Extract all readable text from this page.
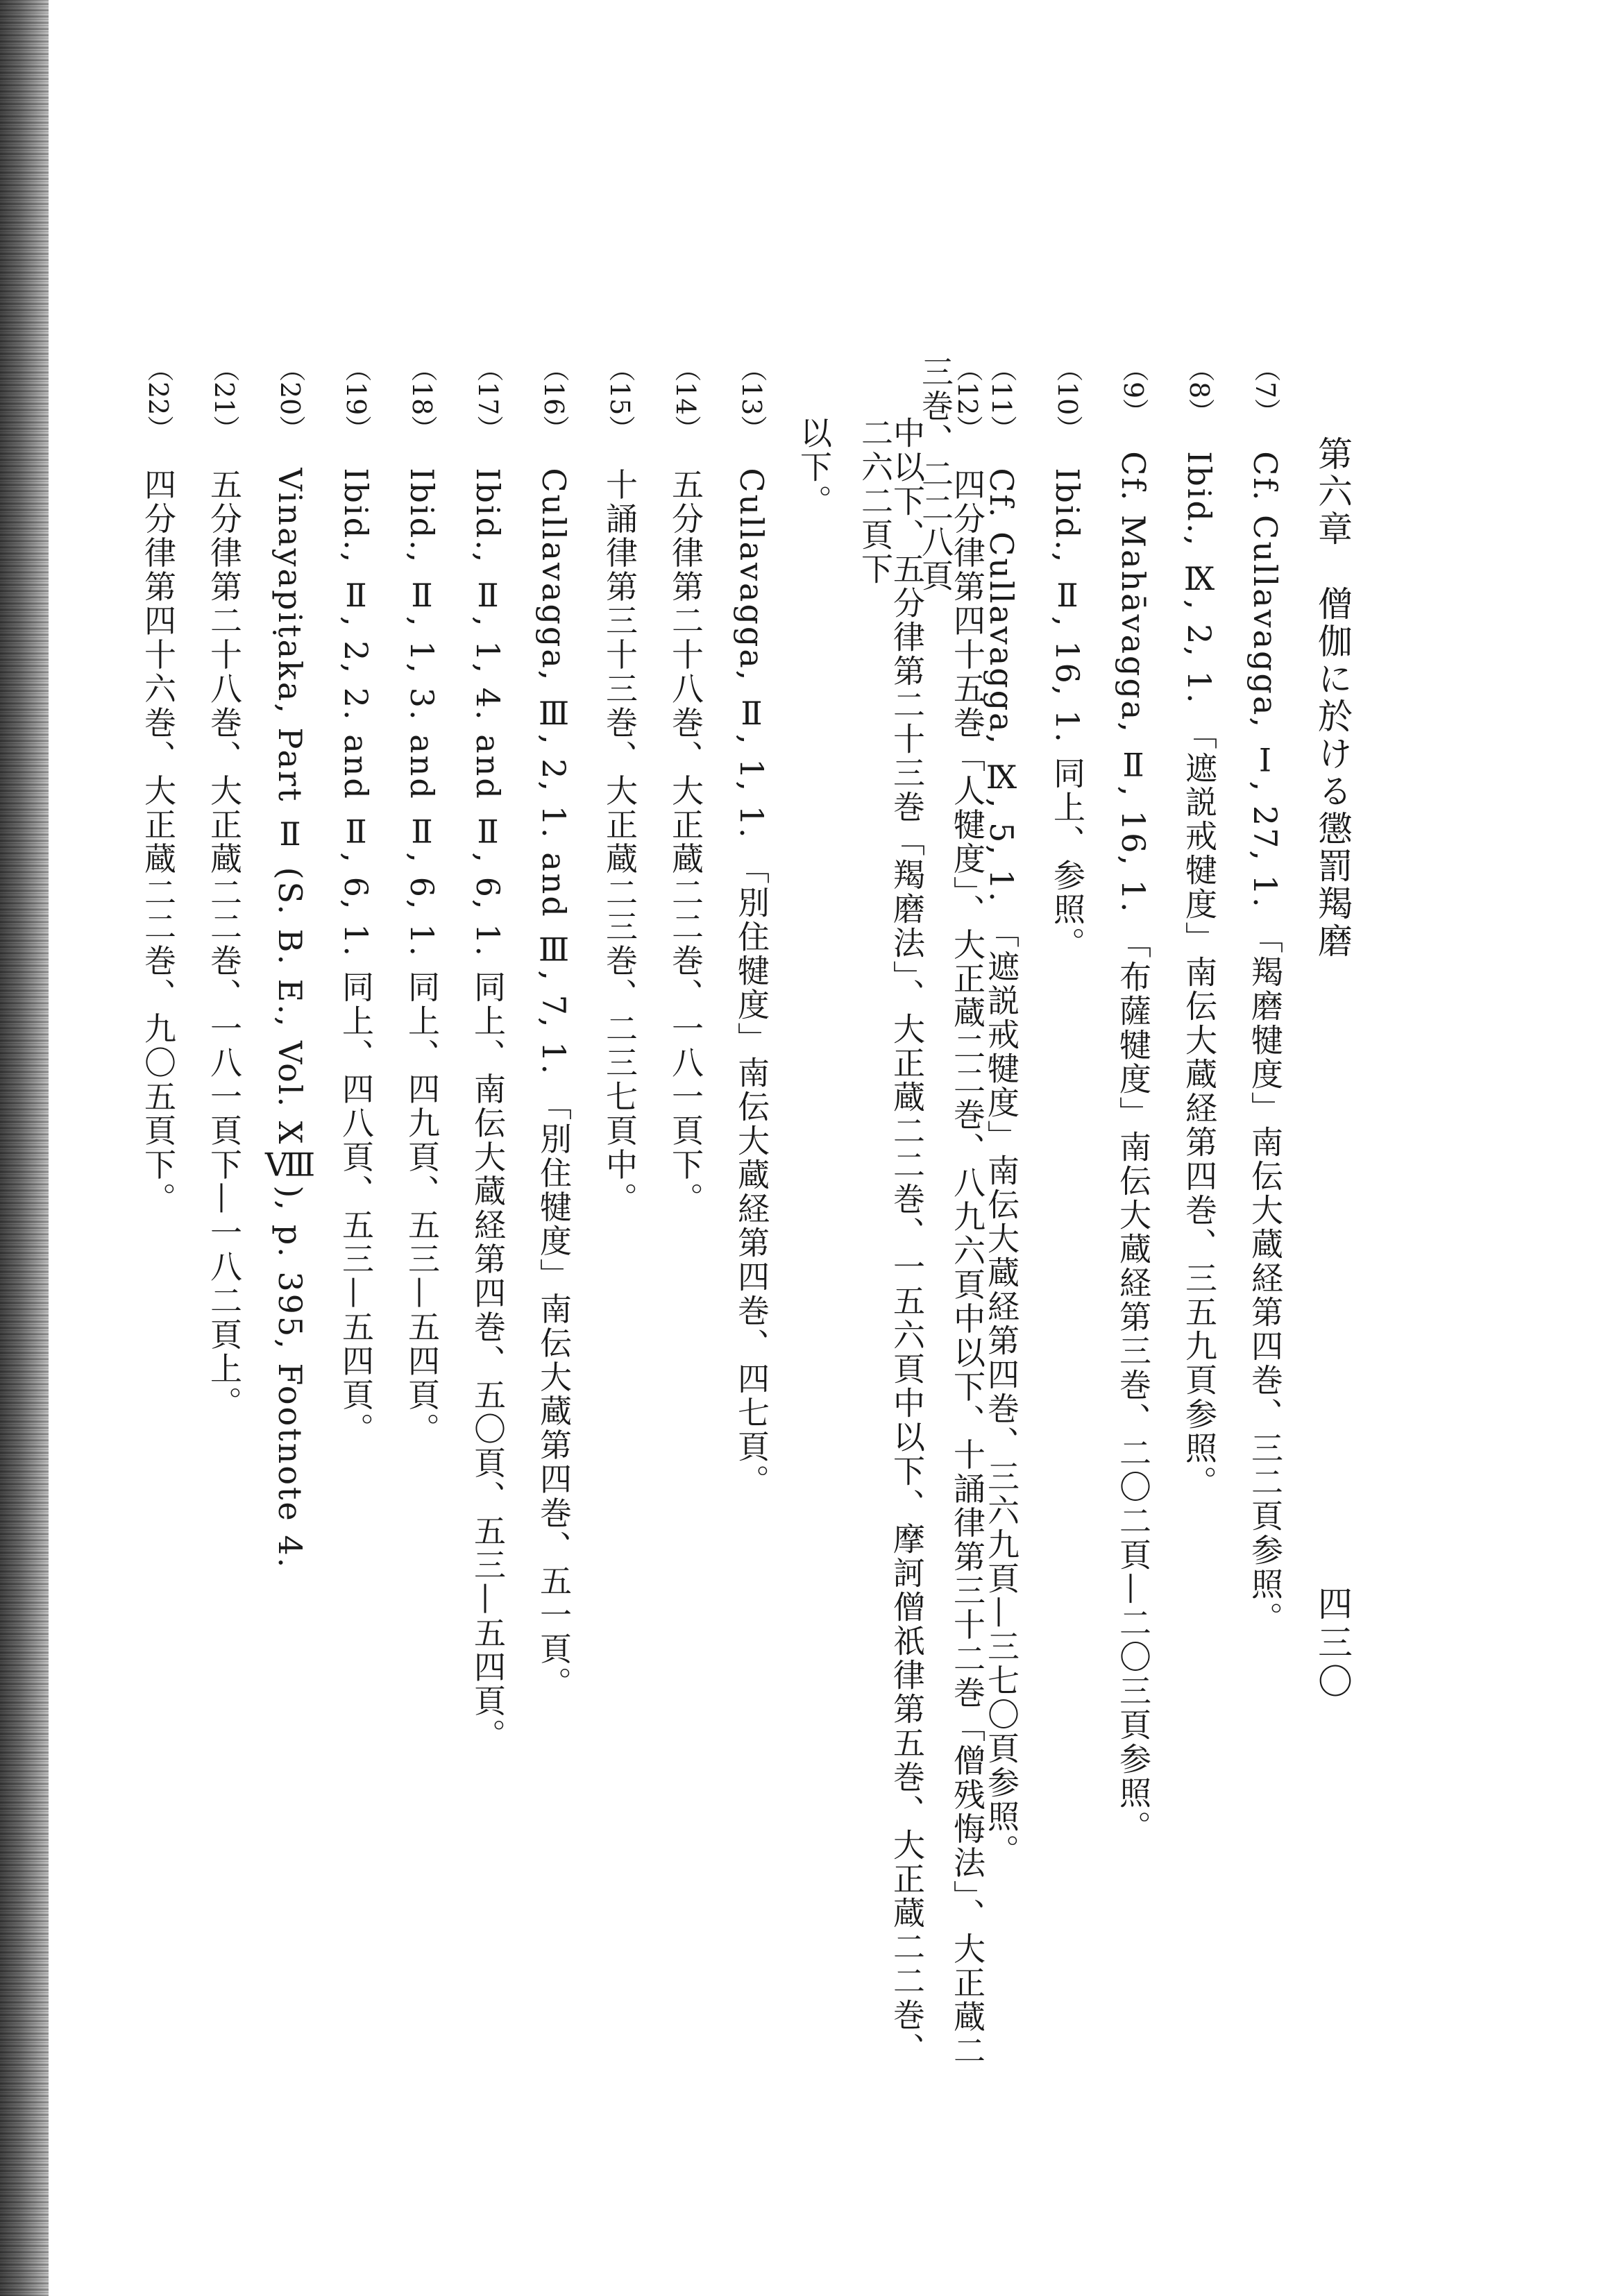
第六章　僧伽に於ける懲罰羯磨
四三〇
（7）Cf. Cullavagga, Ⅰ, 27, 1. 「羯磨犍度」南伝大蔵経第四巻、三二頁参照。
（8）Ibid., Ⅸ, 2, 1. 「遮説戒犍度」南伝大蔵経第四巻、三五九頁参照。
（9）Cf. Mahāvagga, Ⅱ, 16, 1. 「布薩犍度」南伝大蔵経第三巻、二〇二頁—二〇三頁参照。
（10）Ibid., Ⅱ, 16, 1. 同上、参照。
（11）Cf. Cullavagga, Ⅸ, 5, 1. 「遮説戒犍度」南伝大蔵経第四巻、三六九頁—三七〇頁参照。
（12）四分律第四十五巻「人犍度」、大正蔵二二巻、八九六頁中以下、十誦律第三十二巻「僧残悔法」、大正蔵二三巻、二二八頁
中以下、五分律第二十三巻「羯磨法」、大正蔵二二巻、一五六頁中以下、摩訶僧祇律第五巻、大正蔵二二巻、二六二頁下
以下。
（13）Cullavagga, Ⅱ, 1, 1. 「別住犍度」南伝大蔵経第四巻、四七頁。
（14）五分律第二十八巻、大正蔵二二巻、一八一頁下。
（15）十誦律第三十三巻、大正蔵二三巻、二三七頁中。
（16）Cullavagga, Ⅲ, 2, 1. and Ⅲ, 7, 1. 「別住犍度」南伝大蔵第四巻、五一頁。
（17）Ibid., Ⅱ, 1, 4. and Ⅱ, 6, 1. 同上、南伝大蔵経第四巻、五〇頁、五三—五四頁。
（18）Ibid., Ⅱ, 1, 3. and Ⅱ, 6, 1. 同上、四九頁、五三—五四頁。
（19）Ibid., Ⅱ, 2, 2. and Ⅱ, 6, 1. 同上、四八頁、五三—五四頁。
（20）Vinayapiṭaka, Part Ⅱ (S. B. E., Vol. XⅧ), p. 395, Footnote 4.
（21）五分律第二十八巻、大正蔵二二巻、一八一頁下—一八二頁上。
（22）四分律第四十六巻、大正蔵二二巻、九〇五頁下。
